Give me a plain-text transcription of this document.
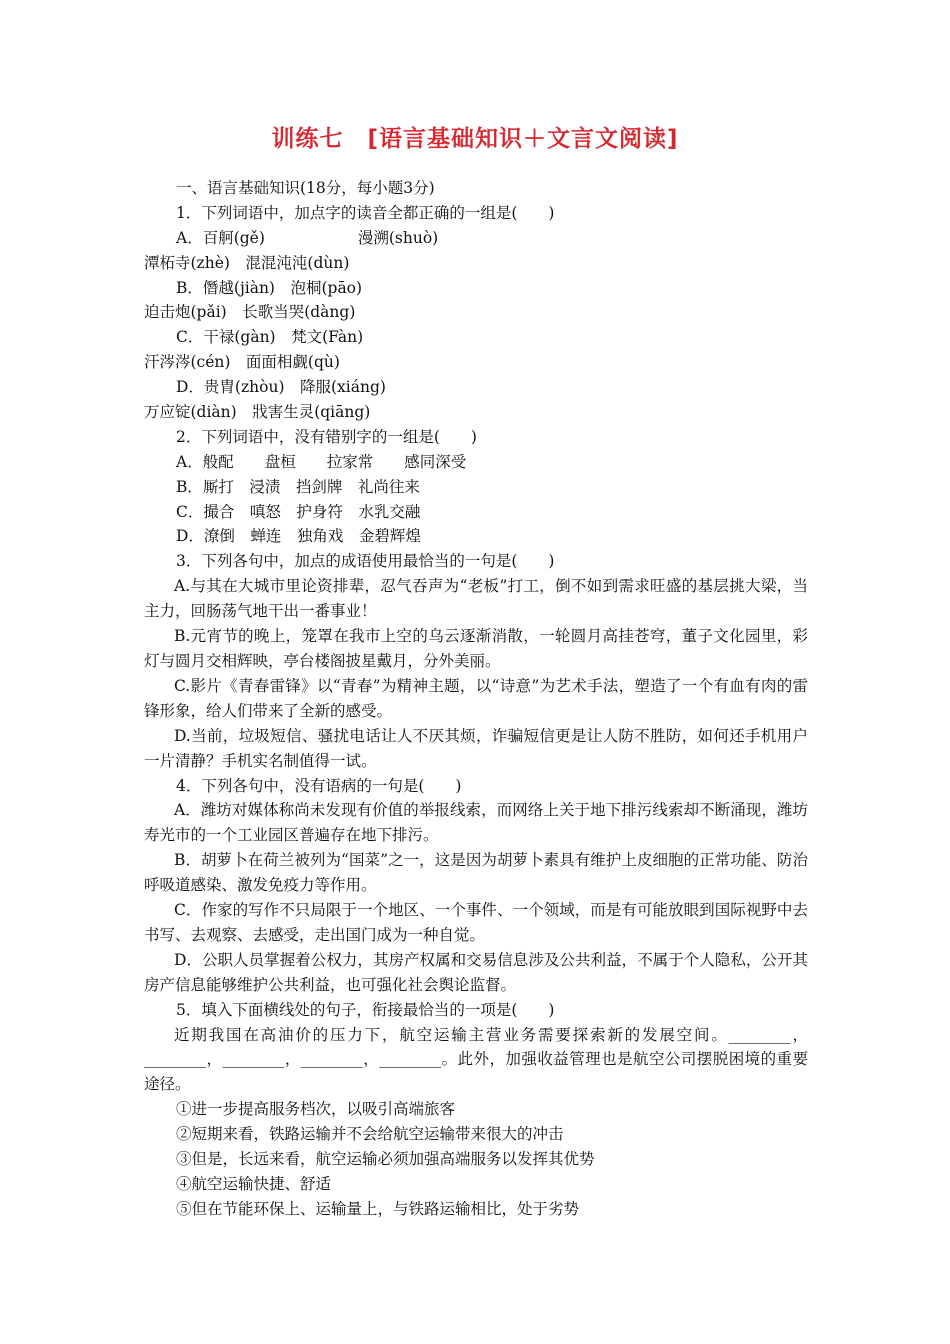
训练七　[语言基础知识＋文言文阅读]
一、语言基础知识(18分，每小题3分)
1．下列词语中，加点字的读音全都正确的一组是(　　)
A．百舸(gě)　　　　　　漫溯(shuò)
潭柘寺(zhè)　混混沌沌(dùn)
B．僭越(jiàn)　泡桐(pāo)
迫击炮(pǎi)　长歌当哭(dàng)
C．干禄(gàn)　梵文(Fàn)
汗涔涔(cén)　面面相觑(qù)
D．贵胄(zhòu)　降服(xiáng)
万应锭(diàn)　戕害生灵(qiāng)
2．下列词语中，没有错别字的一组是(　　)
A．般配　　盘桓　　拉家常　　感同深受
B．厮打　浸渍　挡剑牌　礼尚往来
C．撮合　嗔怒　护身符　水乳交融
D．潦倒　蝉连　独角戏　金碧辉煌
3．下列各句中，加点的成语使用最恰当的一句是(　　)
A.与其在大城市里论资排辈，忍气吞声为“老板”打工，倒不如到需求旺盛的基层挑大梁，当主力，回肠荡气地干出一番事业！
B.元宵节的晚上，笼罩在我市上空的乌云逐渐消散，一轮圆月高挂苍穹，董子文化园里，彩灯与圆月交相辉映，亭台楼阁披星戴月，分外美丽。
C.影片《青春雷锋》以“青春”为精神主题，以“诗意”为艺术手法，塑造了一个有血有肉的雷锋形象，给人们带来了全新的感受。
D.当前，垃圾短信、骚扰电话让人不厌其烦，诈骗短信更是让人防不胜防，如何还手机用户一片清静？手机实名制值得一试。
4．下列各句中，没有语病的一句是(　　)
A．潍坊对媒体称尚未发现有价值的举报线索，而网络上关于地下排污线索却不断涌现，潍坊寿光市的一个工业园区普遍存在地下排污。
B．胡萝卜在荷兰被列为“国菜”之一，这是因为胡萝卜素具有维护上皮细胞的正常功能、防治呼吸道感染、激发免疫力等作用。
C．作家的写作不只局限于一个地区、一个事件、一个领域，而是有可能放眼到国际视野中去书写、去观察、去感受，走出国门成为一种自觉。
D．公职人员掌握着公权力，其房产权属和交易信息涉及公共利益，不属于个人隐私，公开其房产信息能够维护公共利益，也可强化社会舆论监督。
5．填入下面横线处的句子，衔接最恰当的一项是(　　)
近期我国在高油价的压力下，航空运输主营业务需要探索新的发展空间。________，________，________，________，________。此外，加强收益管理也是航空公司摆脱困境的重要途径。
①进一步提高服务档次，以吸引高端旅客
②短期来看，铁路运输并不会给航空运输带来很大的冲击
③但是，长远来看，航空运输必须加强高端服务以发挥其优势
④航空运输快捷、舒适
⑤但在节能环保上、运输量上，与铁路运输相比，处于劣势
